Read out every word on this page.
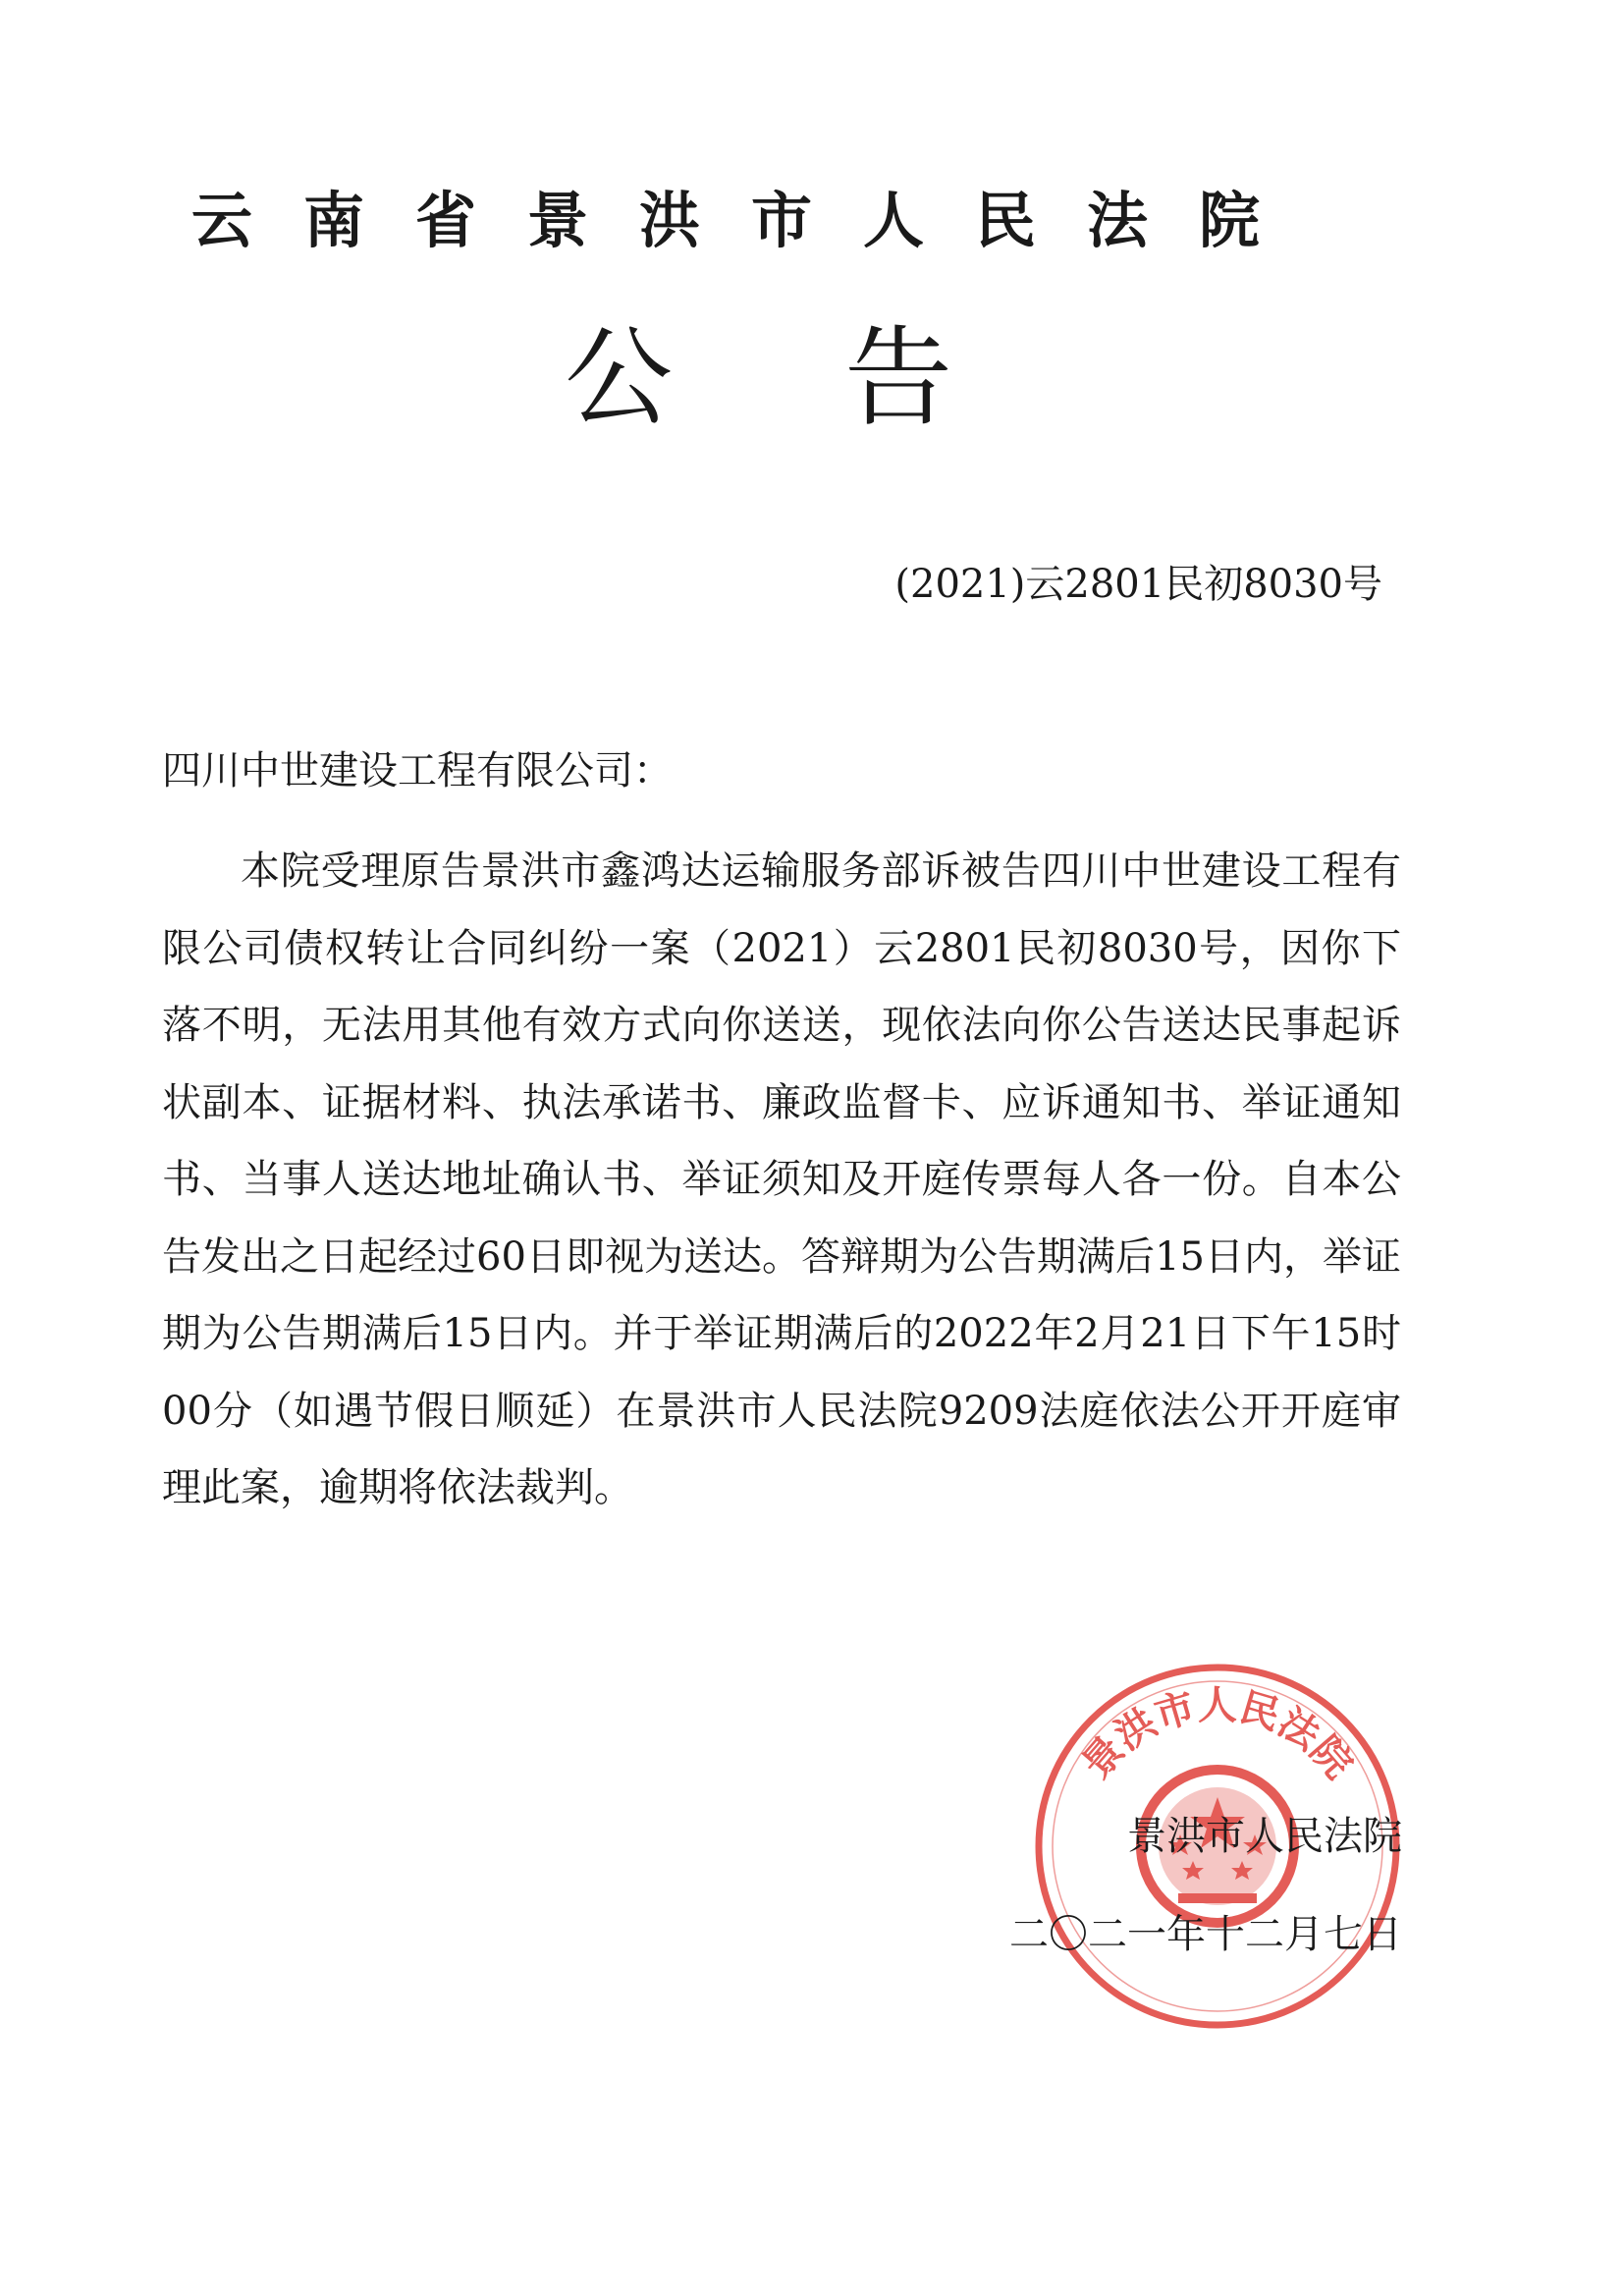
云南省景洪市人民法院
公告
(2021)云2801民初8030号
四川中世建设工程有限公司：

本院受理原告景洪市鑫鸿达运输服务部诉被告四川中世建设工程有限公司债权转让合同纠纷一案（2021）云2801民初8030号，因你下落不明，无法用其他有效方式向你送送，现依法向你公告送达民事起诉状副本、证据材料、执法承诺书、廉政监督卡、应诉通知书、举证通知书、当事人送达地址确认书、举证须知及开庭传票每人各一份。自本公告发出之日起经过60日即视为送达。答辩期为公告期满后15日内，举证期为公告期满后15日内。并于举证期满后的2022年2月21日下午15时00分（如遇节假日顺延）在景洪市人民法院9209法庭依法公开开庭审理此案，逾期将依法裁判。

景洪市人民法院
景洪市人民法院
二〇二一年十二月七日
